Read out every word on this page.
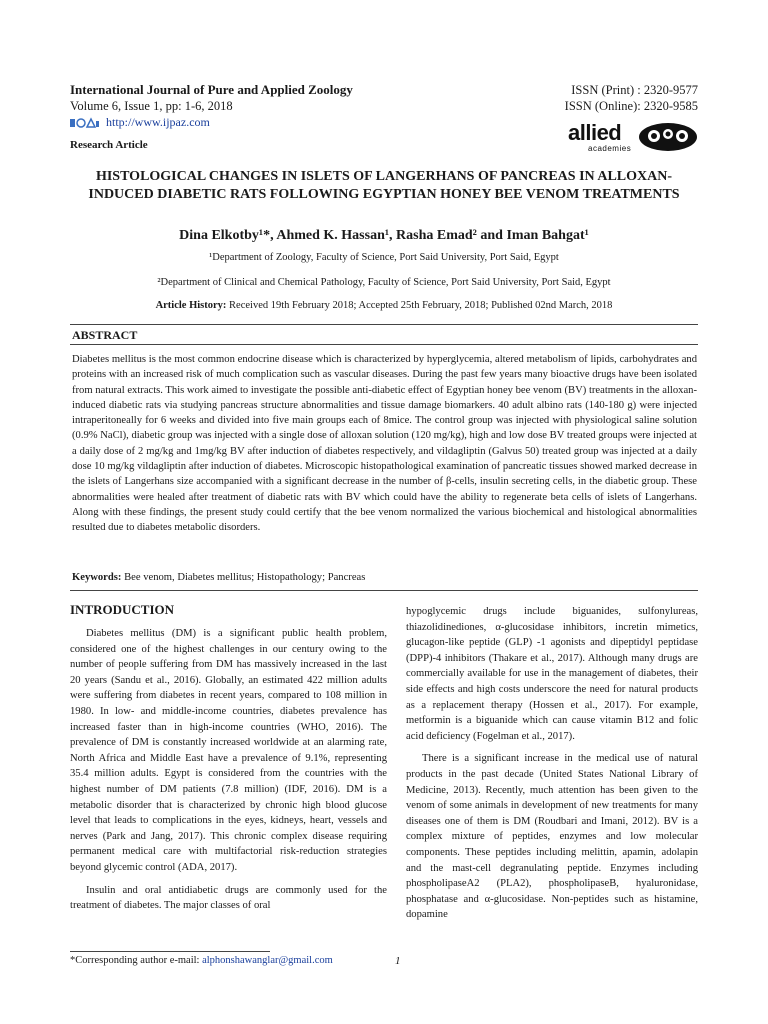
International Journal of Pure and Applied Zoology
Volume 6, Issue 1, pp: 1-6, 2018
http://www.ijpaz.com
Research Article
ISSN (Print) : 2320-9577
ISSN (Online): 2320-9585
allied
academies
HISTOLOGICAL CHANGES IN ISLETS OF LANGERHANS OF PANCREAS IN ALLOXAN-INDUCED DIABETIC RATS FOLLOWING EGYPTIAN HONEY BEE VENOM TREATMENTS
Dina Elkotby¹*, Ahmed K. Hassan¹, Rasha Emad² and Iman Bahgat¹
¹Department of Zoology, Faculty of Science, Port Said University, Port Said, Egypt
²Department of Clinical and Chemical Pathology, Faculty of Science, Port Said University, Port Said, Egypt
Article History: Received 19th February 2018; Accepted 25th February, 2018; Published 02nd March, 2018
ABSTRACT
Diabetes mellitus is the most common endocrine disease which is characterized by hyperglycemia, altered metabolism of lipids, carbohydrates and proteins with an increased risk of much complication such as vascular diseases. During the past few years many bioactive drugs have been isolated from natural extracts. This work aimed to investigate the possible anti-diabetic effect of Egyptian honey bee venom (BV) treatments in the alloxan-induced diabetic rats via studying pancreas structure abnormalities and tissue damage biomarkers. 40 adult albino rats (140-180 g) were injected intraperitoneally for 6 weeks and divided into five main groups each of 8mice. The control group was injected with physiological saline solution (0.9% NaCl), diabetic group was injected with a single dose of alloxan solution (120 mg/kg), high and low dose BV treated groups were injected at a daily dose of 2 mg/kg and 1mg/kg BV after induction of diabetes respectively, and vildagliptin (Galvus 50) treated group was injected at a daily dose 10 mg/kg vildagliptin after induction of diabetes. Microscopic histopathological examination of pancreatic tissues showed marked decrease in the islets of Langerhans size accompanied with a significant decrease in the number of β-cells, insulin secreting cells, in the diabetic group. These abnormalities were healed after treatment of diabetic rats with BV which could have the ability to regenerate beta cells of islets of Langerhans. Along with these findings, the present study could certify that the bee venom normalized the various biochemical and histological abnormalities resulted due to diabetes metabolic disorders.
Keywords: Bee venom, Diabetes mellitus; Histopathology; Pancreas
INTRODUCTION

Diabetes mellitus (DM) is a significant public health problem, considered one of the highest challenges in our century owing to the number of people suffering from DM has massively increased in the last 20 years (Sandu et al., 2016). Globally, an estimated 422 million adults were suffering from diabetes in recent years, compared to 108 million in 1980. In low- and middle-income countries, diabetes prevalence has increased faster than in high-income countries (WHO, 2016). The prevalence of DM is constantly increased worldwide at an alarming rate, North Africa and Middle East have a prevalence of 9.1%, representing 35.4 million adults. Egypt is considered from the countries with the highest number of DM patients (7.8 million) (IDF, 2016). DM is a metabolic disorder that is characterized by chronic high blood glucose level that leads to complications in the eyes, kidneys, heart, vessels and nerves (Park and Jang, 2017). This chronic complex disease requiring permanent medical care with multifactorial risk-reduction strategies beyond glycemic control (ADA, 2017).

Insulin and oral antidiabetic drugs are commonly used for the treatment of diabetes. The major classes of oral

hypoglycemic drugs include biguanides, sulfonylureas, thiazolidinediones, α-glucosidase inhibitors, incretin mimetics, glucagon-like peptide (GLP) -1 agonists and dipeptidyl peptidase (DPP)-4 inhibitors (Thakare et al., 2017). Although many drugs are commercially available for use in the management of diabetes, their side effects and high costs underscore the need for natural products as a replacement therapy (Hossen et al., 2017). For example, metformin is a biguanide which can cause vitamin B12 and folic acid deficiency (Fogelman et al., 2017).

There is a significant increase in the medical use of natural products in the past decade (United States National Library of Medicine, 2013). Recently, much attention has been given to the venom of some animals in development of new treatments for many diseases one of them is DM (Roudbari and Imani, 2012). BV is a complex mixture of peptides, enzymes and low molecular components. These peptides including melittin, apamin, adolapin and the mast-cell degranulating peptide. Enzymes including phospholipaseA2 (PLA2), phospholipaseB, hyaluronidase, phosphatase and α-glucosidase. Non-peptides such as histamine, dopamine

*Corresponding author e-mail: alphonshawanglar@gmail.com	1
